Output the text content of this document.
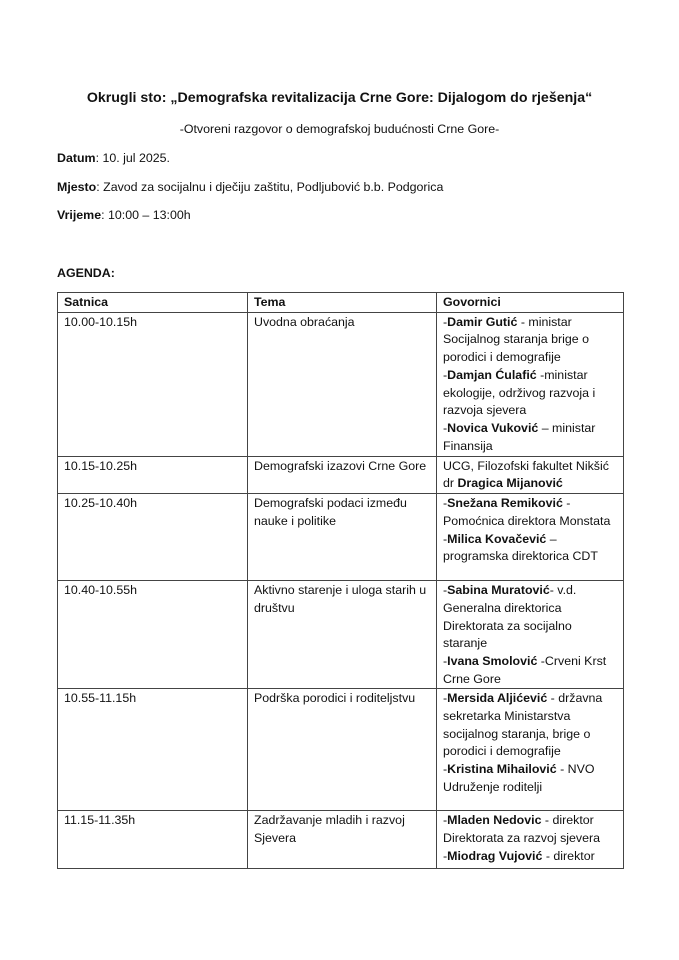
Okrugli sto: „Demografska revitalizacija Crne Gore: Dijalogom do rješenja“
-Otvoreni razgovor o demografskoj budućnosti Crne Gore-
Datum: 10. jul 2025.
Mjesto: Zavod za socijalnu i dječiju zaštitu, Podljubović b.b. Podgorica
Vrijeme: 10:00 – 13:00h
AGENDA:
Satnica	Tema	Govornici
10.00-10.15h	Uvodna obraćanja	-Damir Gutić - ministar Socijalnog staranja brige o porodici i demografije
-Damjan Ćulafić -ministar ekologije, održivog razvoja i razvoja sjevera
-Novica Vuković – ministar Finansija

10.15-10.25h	Demografski izazovi Crne Gore	UCG, Filozofski fakultet Nikšić dr Dragica Mijanović

10.25-10.40h	Demografski podaci između nauke i politike	-Snežana Remiković - Pomoćnica direktora Monstata
-Milica Kovačević – programska direktorica CDT

10.40-10.55h	Aktivno starenje i uloga starih u društvu	-Sabina Muratović- v.d. Generalna direktorica Direktorata za socijalno staranje
-Ivana Smolović -Crveni Krst Crne Gore

10.55-11.15h	Podrška porodici i roditeljstvu	-Mersida Aljićević - državna sekretarka Ministarstva socijalnog staranja, brige o porodici i demografije
-Kristina Mihailović - NVO Udruženje roditelji

11.15-11.35h	Zadržavanje mladih i razvoj Sjevera	-Mladen Nedovic - direktor Direktorata za razvoj sjevera
-Miodrag Vujović - direktor
